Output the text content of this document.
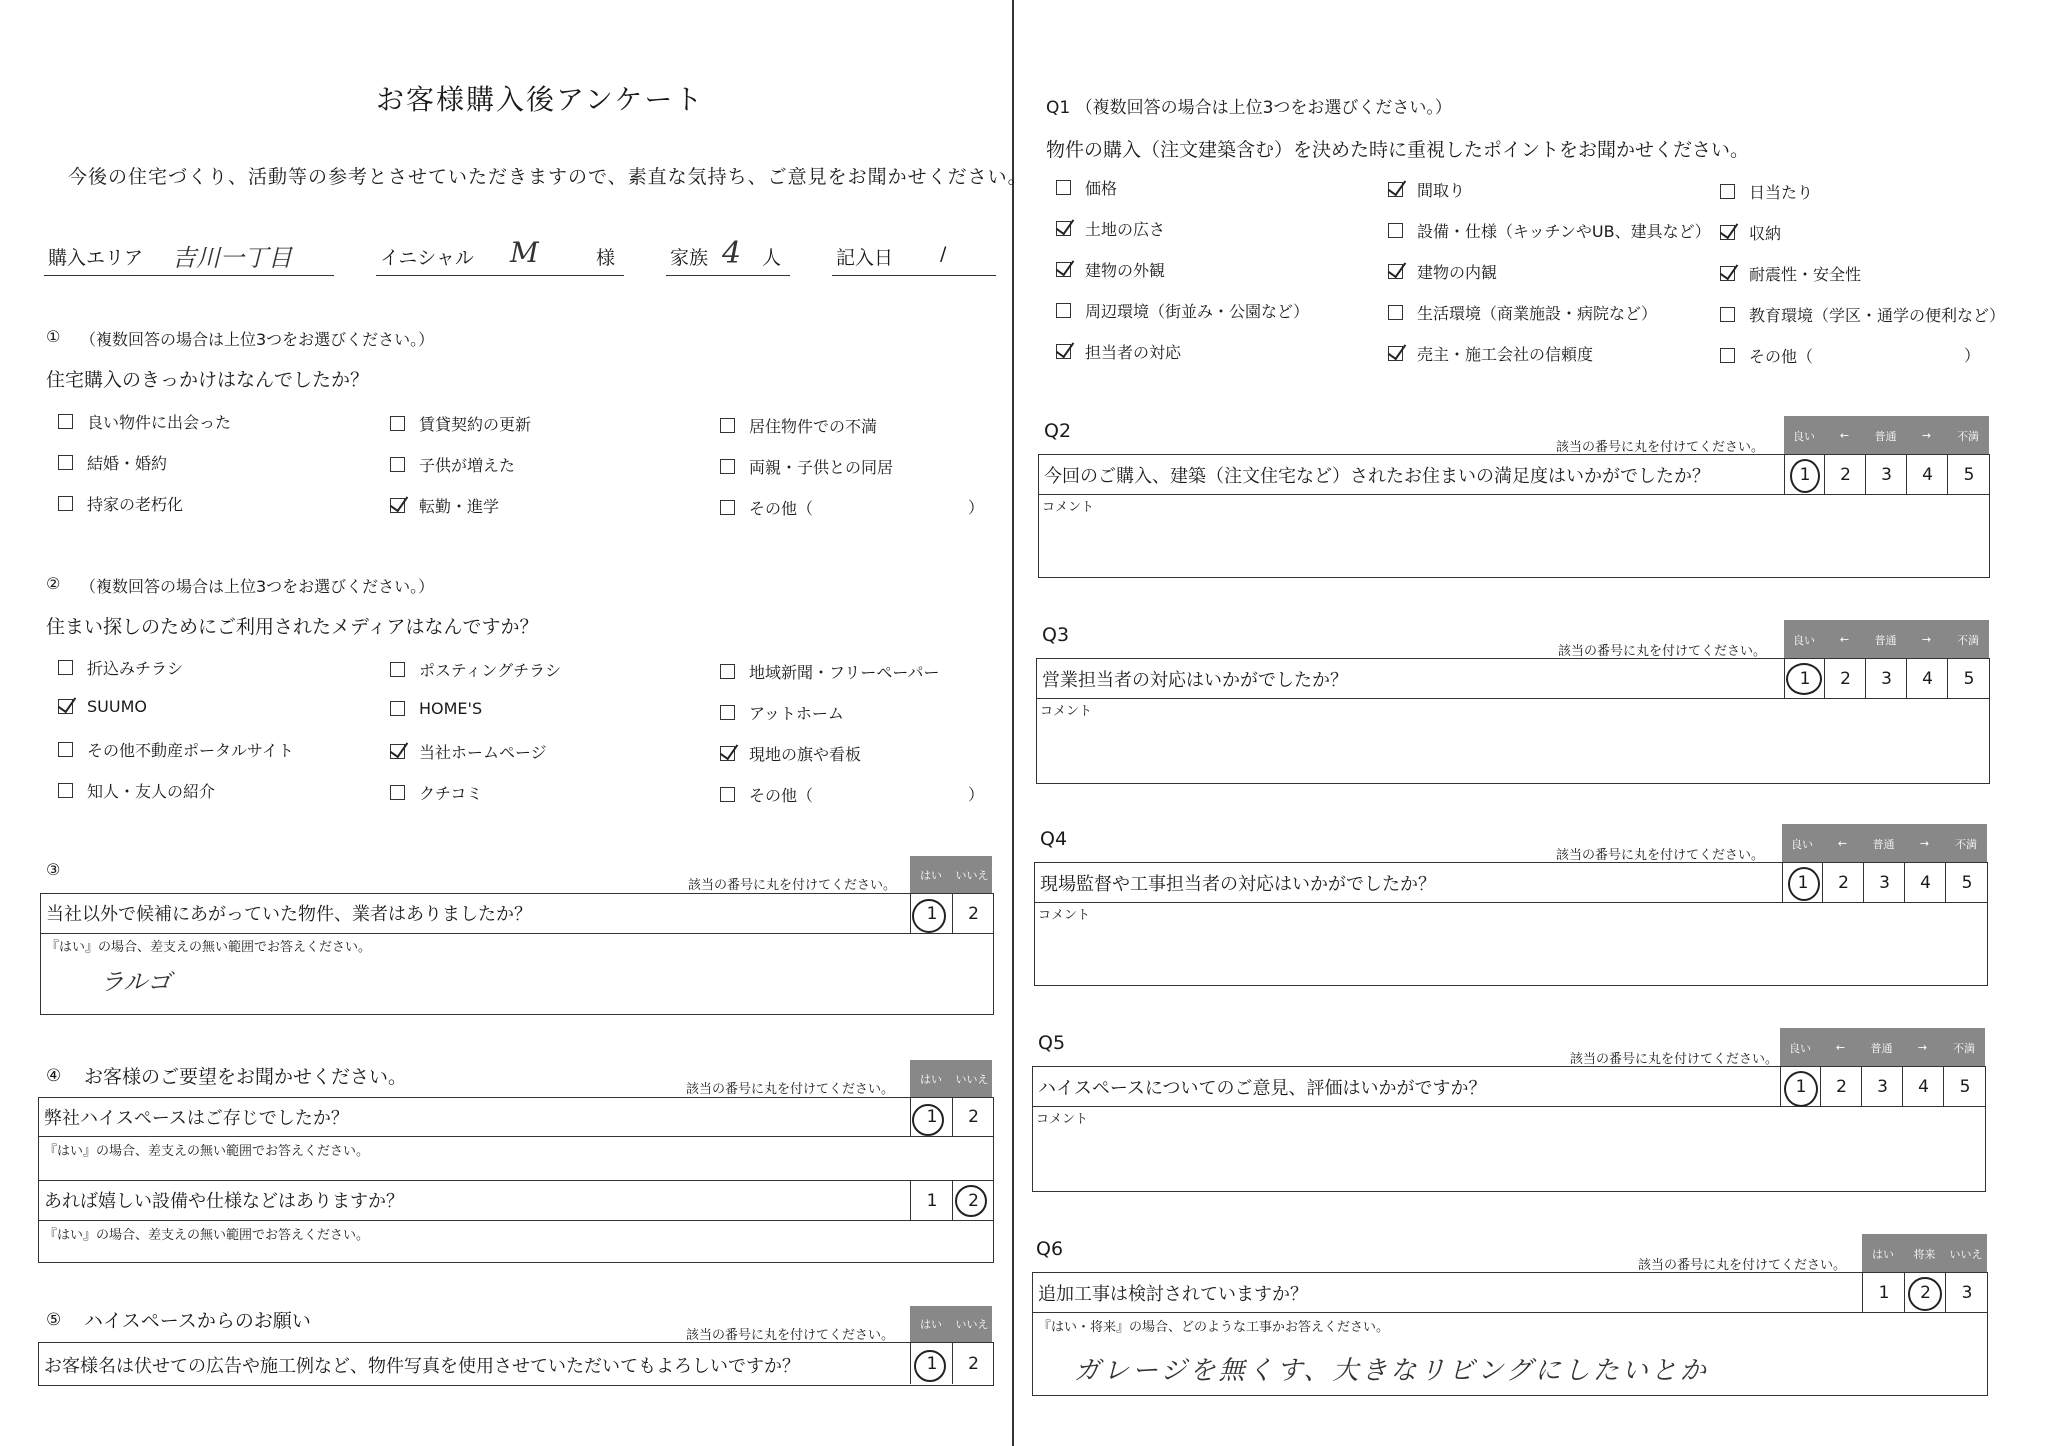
お客様購入後アンケート
今後の住宅づくり、活動等の参考とさせていただきますので、素直な気持ち、ご意見をお聞かせください。
購入エリア 吉川一丁目	イニシャル M	様	家族 4 人	記入日 /
① （複数回答の場合は上位3つをお選びください。）
住宅購入のきっかけはなんでしたか？
良い物件に出会った	賃貸契約の更新	居住物件での不満
結婚・婚約	子供が増えた	両親・子供との同居
持家の老朽化	転勤・進学	その他（	）
② （複数回答の場合は上位3つをお選びください。）
住まい探しのためにご利用されたメディアはなんですか？
折込みチラシ	ポスティングチラシ	地域新聞・フリーペーパー
SUUMO	HOME'S	アットホーム
その他不動産ポータルサイト	当社ホームページ	現地の旗や看板
知人・友人の紹介	クチコミ	その他（	）
③
該当の番号に丸を付けてください。
はい	いいえ
当社以外で候補にあがっていた物件、業者はありましたか？	1	2
『はい』の場合、差支えの無い範囲でお答えください。
ラルゴ
④ お客様のご要望をお聞かせください。
該当の番号に丸を付けてください。
はい	いいえ
弊社ハイスペースはご存じでしたか？	1	2
『はい』の場合、差支えの無い範囲でお答えください。
あれば嬉しい設備や仕様などはありますか？	1	2
『はい』の場合、差支えの無い範囲でお答えください。
⑤ ハイスペースからのお願い
該当の番号に丸を付けてください。
はい	いいえ
お客様名は伏せての広告や施工例など、物件写真を使用させていただいてもよろしいですか？	1	2
Q1 （複数回答の場合は上位3つをお選びください。）
物件の購入（注文建築含む）を決めた時に重視したポイントをお聞かせください。
価格	間取り	日当たり
土地の広さ	設備・仕様（キッチンやUB、建具など） 収納
建物の外観	建物の内観	耐震性・安全性
周辺環境（街並み・公園など）	生活環境（商業施設・病院など）	教育環境（学区・通学の便利など）
担当者の対応	売主・施工会社の信頼度	その他（	）
Q2
該当の番号に丸を付けてください。
良い	←	普通	→	不満
今回のご購入、建築（注文住宅など）されたお住まいの満足度はいかがでしたか？	1	2	3	4	5
コメント
Q3
該当の番号に丸を付けてください。
良い	←	普通	→	不満
営業担当者の対応はいかがでしたか？	1	2	3	4	5
コメント
Q4
該当の番号に丸を付けてください。
良い	←	普通	→	不満
現場監督や工事担当者の対応はいかがでしたか？	1	2	3	4	5
コメント
Q5
該当の番号に丸を付けてください。
良い	←	普通	→	不満
ハイスペースについてのご意見、評価はいかがですか？	1	2	3	4	5
コメント
Q6
該当の番号に丸を付けてください。
はい	将来	いいえ
追加工事は検討されていますか？	1	2	3
『はい・将来』の場合、どのような工事かお答えください。
ガレージを無くす、大きなリビングにしたいとか
